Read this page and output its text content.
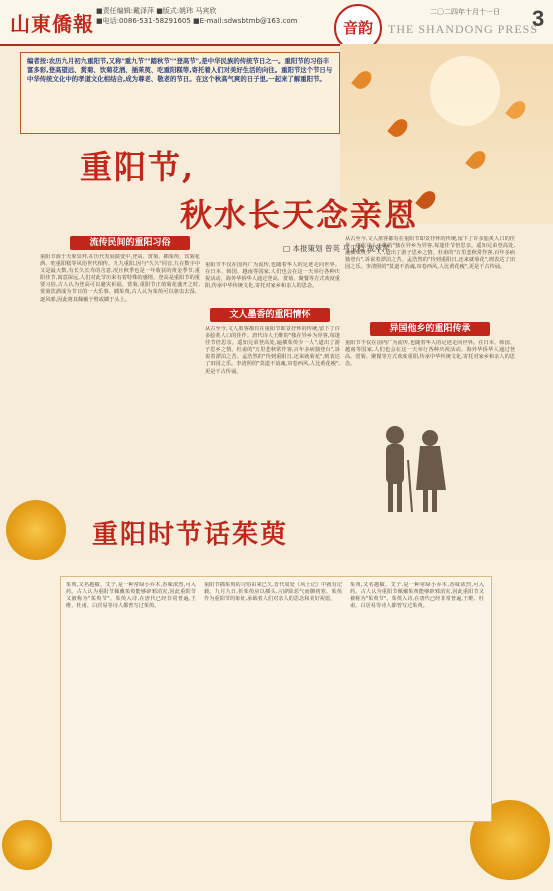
山東僑報
■责任编辑:戴泽萍 ■版式:姚玮 马宾欣
■电话:0086-531-58291605 ■E-mail:sdwsbtmb@163.com	音韵
二〇二四年十月十一日
THE SHANDONG PRESS
3
编者按:农历九月初九重阳节,又称"重九节""踏秋节""登高节",是中华民族的传统节日之一。重阳节的习俗丰富多彩,登高望远、赏菊、饮菊花酒、插茱萸、吃重阳糕等,寄托着人们对美好生活的向往。重阳节这个节日与中华传统文化中的孝道文化相结合,成为尊老、敬老的节日。在这个秋高气爽的日子里,一起来了解重阳节。
重阳节,
秋水长天念亲恩
□ 本报策划 曾英 马玉稳 战萃萍
流传民间的重阳习俗
重阳节源于天象崇拜,在历代发展演变中,登高、赏菊、插茱萸、饮菊花酒、吃重阳糕等风俗世代相传。九九重阳,因与"久久"同音,九在数字中又是最大数,有长久长寿的含意,况且秋季也是一年收获的黄金季节,重阳佳节,寓意深远,人们对此节历来有着特殊的感情。登高是重阳节的重要习俗,古人认为登高可以避灾祈福。赏菊,重阳节正值菊花盛开之时,赏菊饮酒成为节日的一大乐事。插茱萸,古人认为茱萸可以驱虫去湿、逐风邪,因此将其佩戴于臂或插于头上。
文人墨香的重阳情怀
重阳节不仅在国内广为流传,也随着华人的足迹走向世界。在日本、韩国、越南等国家,人们也会在这一天举行各种庆祝活动。海外华侨华人通过登高、赏菊、聚餐等方式欢度重阳,传承中华传统文化,寄托对家乡和亲人的思念。
从古至今,文人墨客都有在重阳节即景抒怀的传统,留下了许多脍炙人口的佳作。唐代诗人王维的"独在异乡为异客,每逢佳节倍思亲。遥知兄弟登高处,遍插茱萸少一人",道出了游子思乡之情。杜甫的"万里悲秋常作客,百年多病独登台",诉说着漂泊之苦。孟浩然的"待到重阳日,还来就菊花",则表达了田园之乐。李清照的"莫道不消魂,帘卷西风,人比黄花瘦",更是千古传诵。
从古至今,文人墨客都有在重阳节即景抒怀的传统,留下了许多脍炙人口的佳作。唐代诗人王维的"独在异乡为异客,每逢佳节倍思亲。遥知兄弟登高处,遍插茱萸少一人",道出了游子思乡之情。杜甫的"万里悲秋常作客,百年多病独登台",诉说着漂泊之苦。孟浩然的"待到重阳日,还来就菊花",则表达了田园之乐。李清照的"莫道不消魂,帘卷西风,人比黄花瘦",更是千古传诵。
异国他乡的重阳传承
重阳节不仅在国内广为流传,也随着华人的足迹走向世界。在日本、韩国、越南等国家,人们也会在这一天举行各种庆祝活动。海外华侨华人通过登高、赏菊、聚餐等方式欢度重阳,传承中华传统文化,寄托对家乡和亲人的思念。
重阳时节话茱萸
茱萸,又名越椒、艾子,是一种常绿小乔木,香味浓烈,可入药。古人认为重阳节佩戴茱萸能够辟邪消灾,因此重阳节又被称为"茱萸节"。茱萸入诗,在唐代已经非常普遍,王维、杜甫、白居易等诗人都曾写过茱萸。
重阳节插茱萸的习俗由来已久,晋代周处《风土记》中就有记载。九月九日,折茱萸房以插头,言辟除恶气而御初寒。茱萸作为重阳节的象征,承载着人们对亲人的思念和美好祝愿。
茱萸,又名越椒、艾子,是一种常绿小乔木,香味浓烈,可入药。古人认为重阳节佩戴茱萸能够辟邪消灾,因此重阳节又被称为"茱萸节"。茱萸入诗,在唐代已经非常普遍,王维、杜甫、白居易等诗人都曾写过茱萸。
